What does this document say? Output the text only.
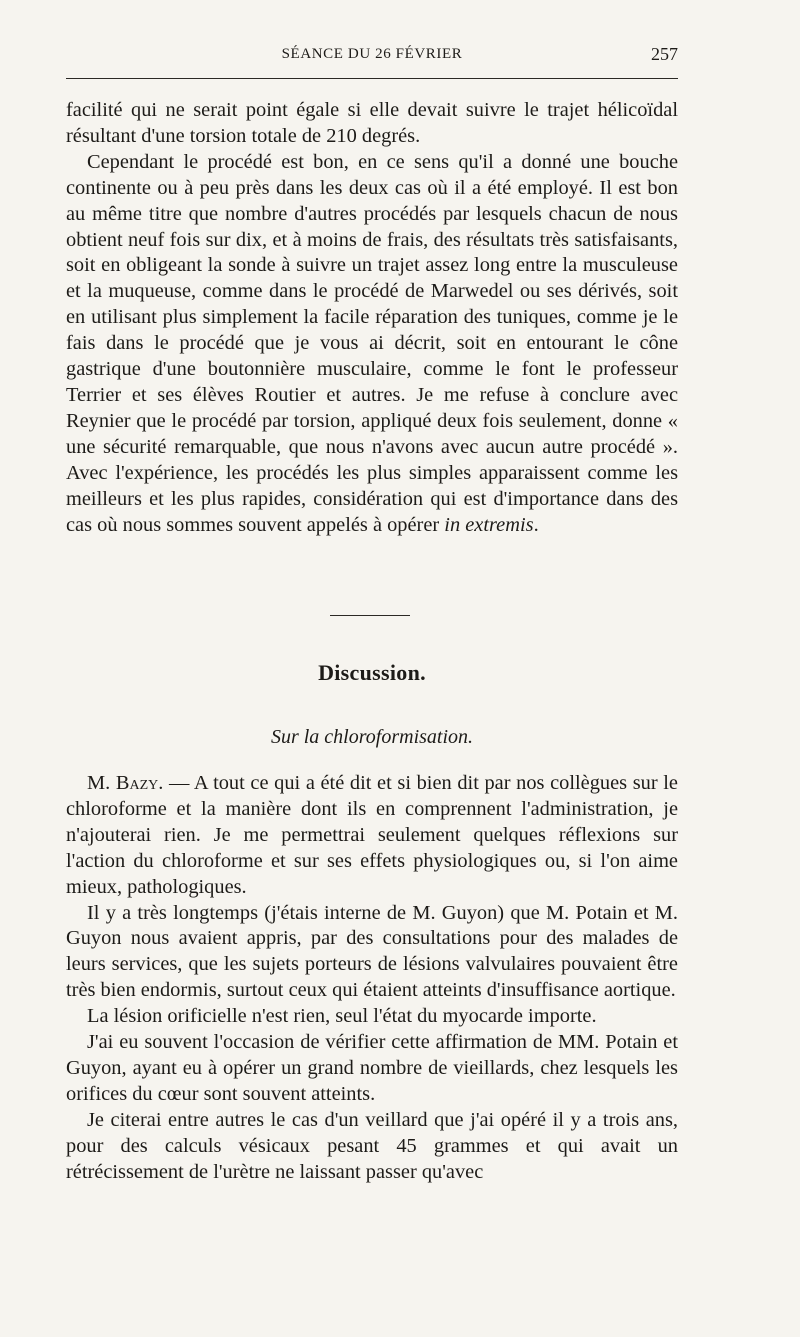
SÉANCE DU 26 FÉVRIER	257

facilité qui ne serait point égale si elle devait suivre le trajet hélicoïdal résultant d'une torsion totale de 210 degrés.

Cependant le procédé est bon, en ce sens qu'il a donné une bouche continente ou à peu près dans les deux cas où il a été employé. Il est bon au même titre que nombre d'autres procédés par lesquels chacun de nous obtient neuf fois sur dix, et à moins de frais, des résultats très satisfaisants, soit en obligeant la sonde à suivre un trajet assez long entre la musculeuse et la muqueuse, comme dans le procédé de Marwedel ou ses dérivés, soit en utilisant plus simplement la facile réparation des tuniques, comme je le fais dans le procédé que je vous ai décrit, soit en entourant le cône gastrique d'une boutonnière musculaire, comme le font le professeur Terrier et ses élèves Routier et autres. Je me refuse à conclure avec Reynier que le procédé par torsion, appliqué deux fois seulement, donne « une sécurité remarquable, que nous n'avons avec aucun autre procédé ». Avec l'expérience, les procédés les plus simples apparaissent comme les meilleurs et les plus rapides, considération qui est d'importance dans des cas où nous sommes souvent appelés à opérer in extremis.

Discussion.
Sur la chloroformisation.

M. Bazy. — A tout ce qui a été dit et si bien dit par nos collègues sur le chloroforme et la manière dont ils en comprennent l'administration, je n'ajouterai rien. Je me permettrai seulement quelques réflexions sur l'action du chloroforme et sur ses effets physiologiques ou, si l'on aime mieux, pathologiques.

Il y a très longtemps (j'étais interne de M. Guyon) que M. Potain et M. Guyon nous avaient appris, par des consultations pour des malades de leurs services, que les sujets porteurs de lésions valvulaires pouvaient être très bien endormis, surtout ceux qui étaient atteints d'insuffisance aortique.

La lésion orificielle n'est rien, seul l'état du myocarde importe.

J'ai eu souvent l'occasion de vérifier cette affirmation de MM. Potain et Guyon, ayant eu à opérer un grand nombre de vieillards, chez lesquels les orifices du cœur sont souvent atteints.

Je citerai entre autres le cas d'un veillard que j'ai opéré il y a trois ans, pour des calculs vésicaux pesant 45 grammes et qui avait un rétrécissement de l'urètre ne laissant passer qu'avec
